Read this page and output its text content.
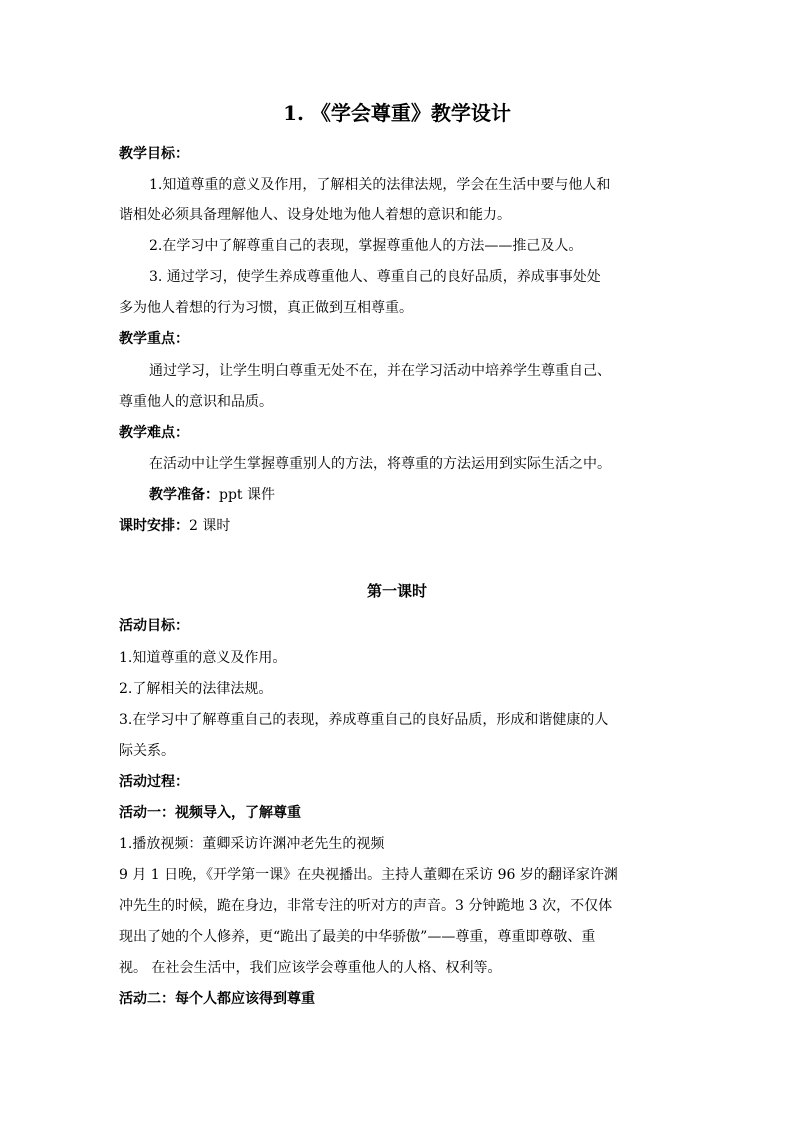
1. 《学会尊重》教学设计
教学目标：
1.知道尊重的意义及作用，了解相关的法律法规，学会在生活中要与他人和
谐相处必须具备理解他人、设身处地为他人着想的意识和能力。
2.在学习中了解尊重自己的表现，掌握尊重他人的方法——推己及人。
3. 通过学习，使学生养成尊重他人、尊重自己的良好品质，养成事事处处
多为他人着想的行为习惯，真正做到互相尊重。
教学重点：
通过学习，让学生明白尊重无处不在，并在学习活动中培养学生尊重自己、
尊重他人的意识和品质。
教学难点：
在活动中让学生掌握尊重别人的方法，将尊重的方法运用到实际生活之中。
教学准备：ppt 课件
课时安排：2 课时
第一课时
活动目标：
1.知道尊重的意义及作用。
2.了解相关的法律法规。
3.在学习中了解尊重自己的表现，养成尊重自己的良好品质，形成和谐健康的人
际关系。
活动过程：
活动一：视频导入，了解尊重
1.播放视频：董卿采访许渊冲老先生的视频
9 月 1 日晚，《开学第一课》在央视播出。主持人董卿在采访 96 岁的翻译家许渊
冲先生的时候，跪在身边，非常专注的听对方的声音。3 分钟跪地 3 次，不仅体
现出了她的个人修养，更“跪出了最美的中华骄傲”——尊重，尊重即尊敬、重
视。 在社会生活中，我们应该学会尊重他人的人格、权利等。
活动二：每个人都应该得到尊重
